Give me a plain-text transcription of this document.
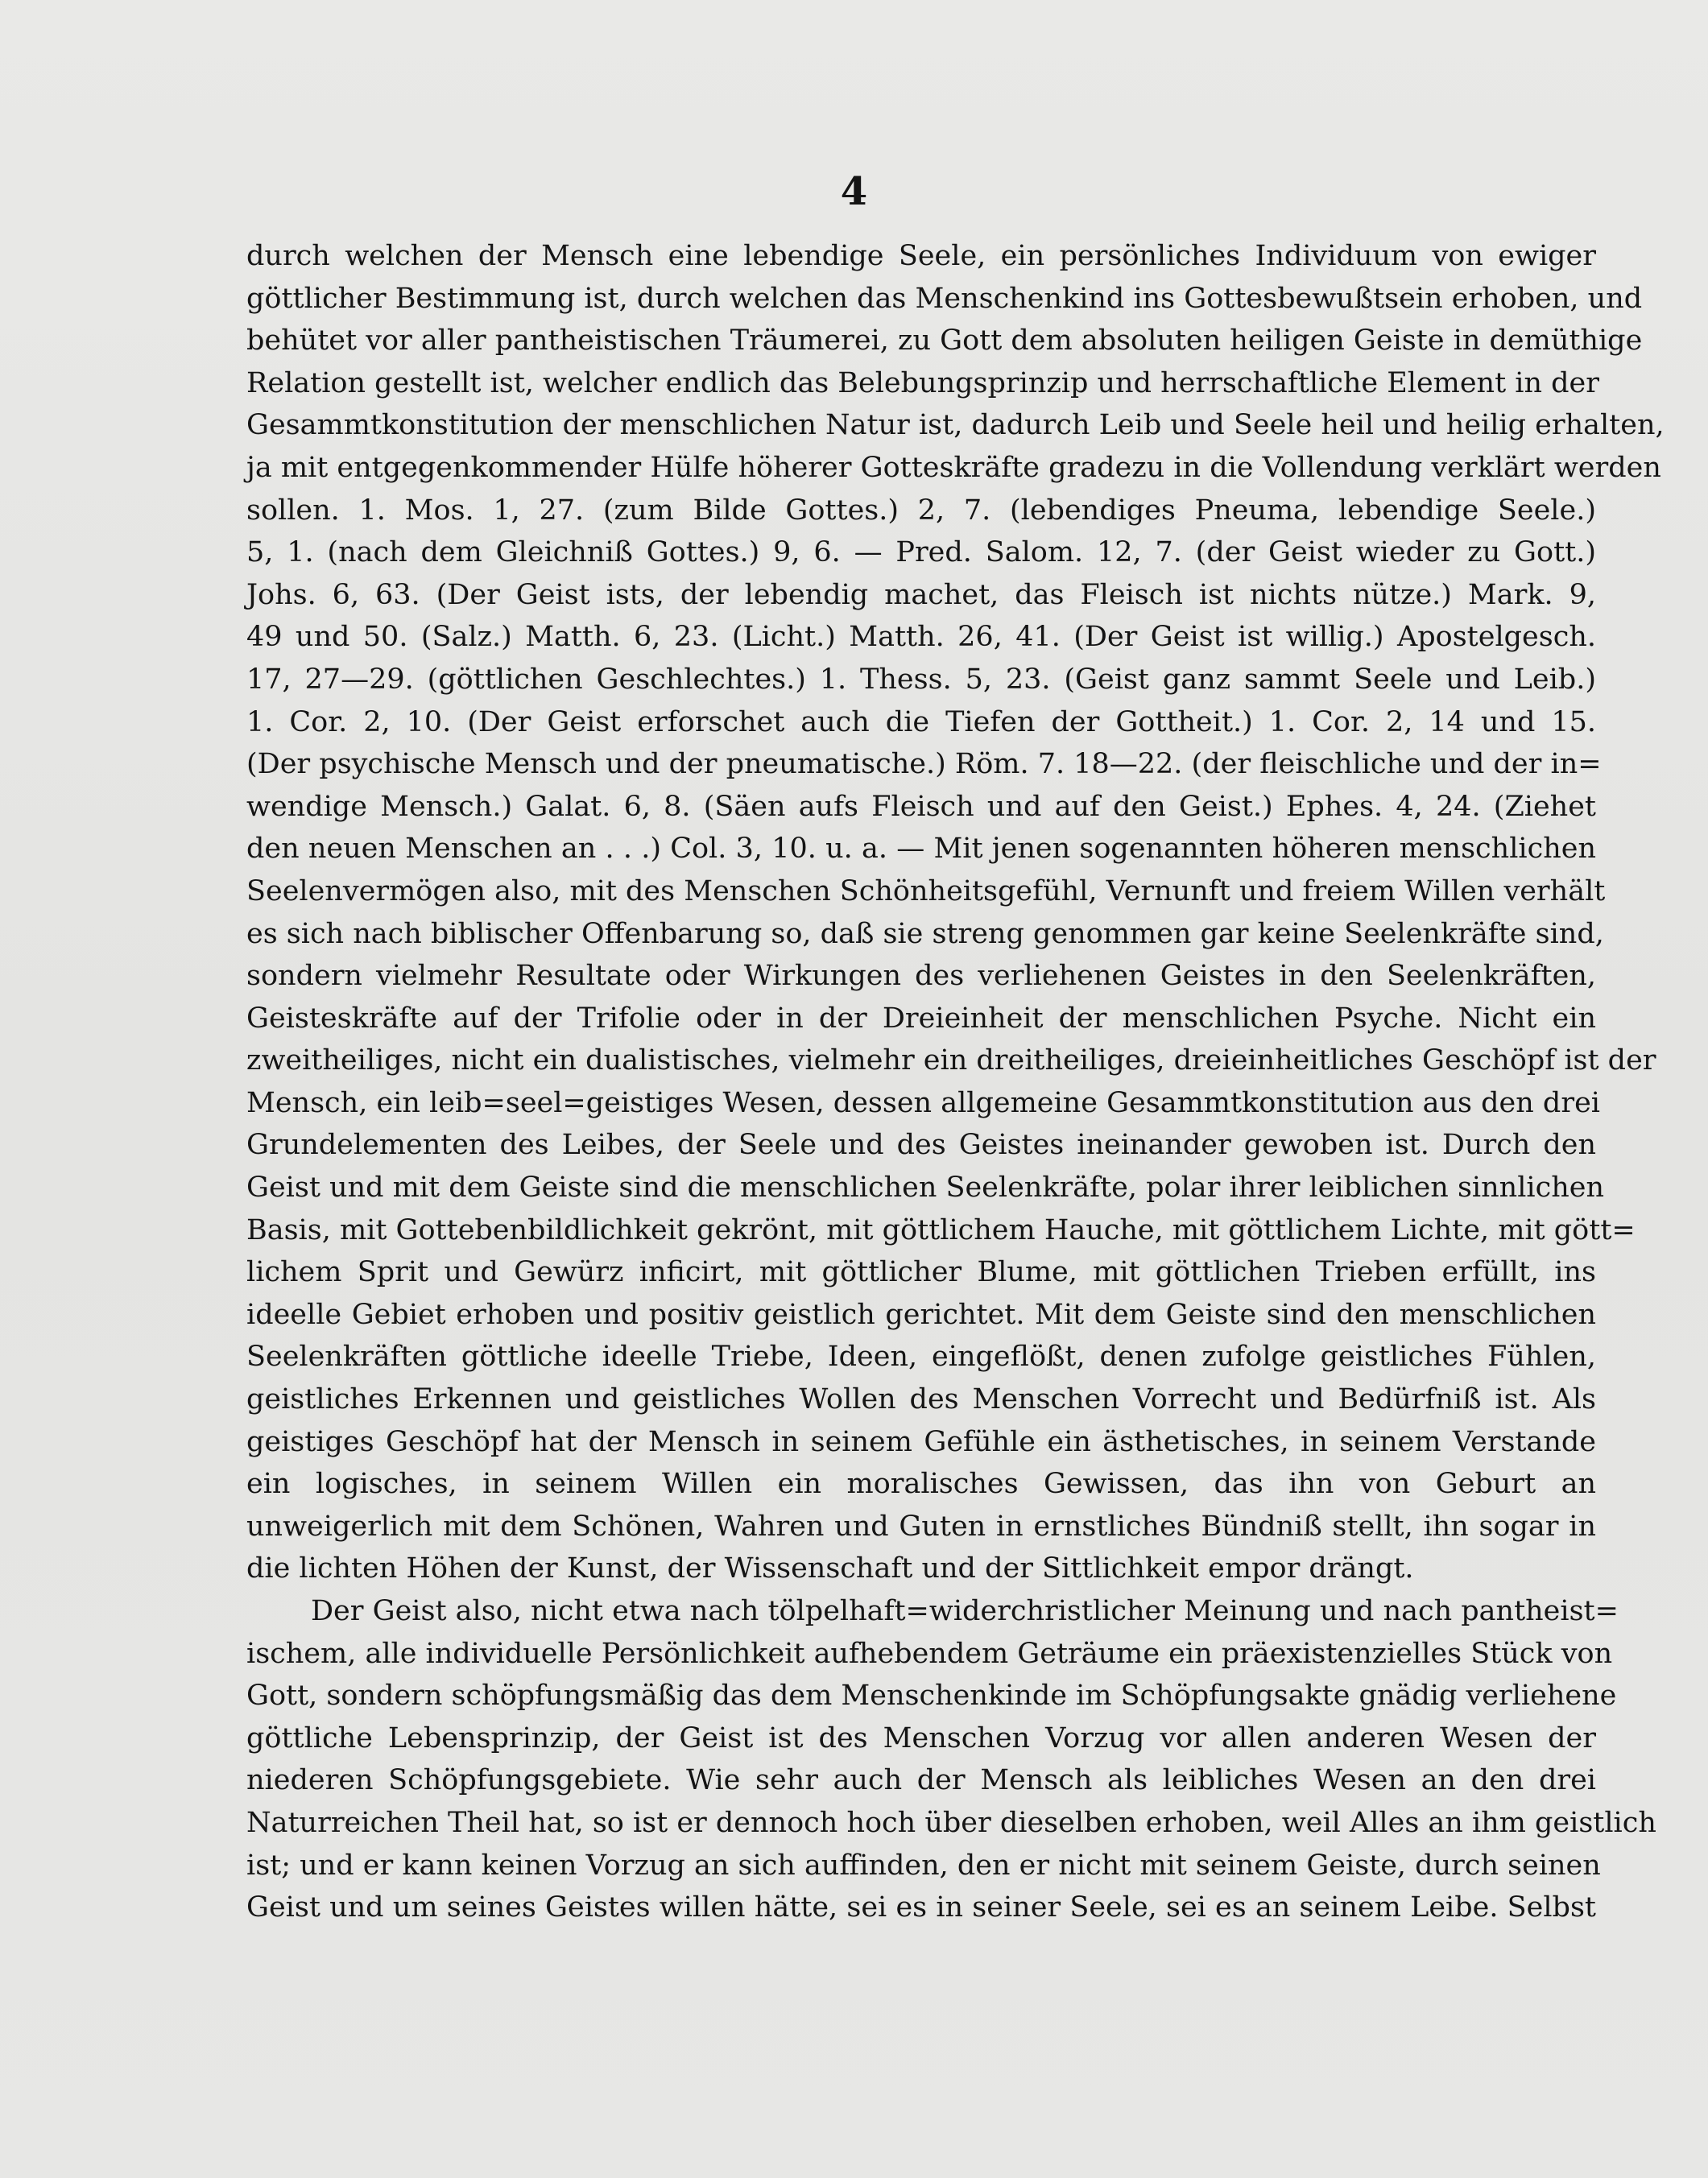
4
durch welchen der Mensch eine lebendige Seele, ein persönliches Individuum von ewiger
göttlicher Bestimmung ist, durch welchen das Menschenkind ins Gottesbewußtsein erhoben, und
behütet vor aller pantheistischen Träumerei, zu Gott dem absoluten heiligen Geiste in demüthige
Relation gestellt ist, welcher endlich das Belebungsprinzip und herrschaftliche Element in der
Gesammtkonstitution der menschlichen Natur ist, dadurch Leib und Seele heil und heilig erhalten,
ja mit entgegenkommender Hülfe höherer Gotteskräfte gradezu in die Vollendung verklärt werden
sollen. 1. Mos. 1, 27. (zum Bilde Gottes.) 2, 7. (lebendiges Pneuma, lebendige Seele.)
5, 1. (nach dem Gleichniß Gottes.) 9, 6. — Pred. Salom. 12, 7. (der Geist wieder zu Gott.)
Johs. 6, 63. (Der Geist ists, der lebendig machet, das Fleisch ist nichts nütze.) Mark. 9,
49 und 50. (Salz.) Matth. 6, 23. (Licht.) Matth. 26, 41. (Der Geist ist willig.) Apostelgesch.
17, 27—29. (göttlichen Geschlechtes.) 1. Thess. 5, 23. (Geist ganz sammt Seele und Leib.)
1. Cor. 2, 10. (Der Geist erforschet auch die Tiefen der Gottheit.) 1. Cor. 2, 14 und 15.
(Der psychische Mensch und der pneumatische.) Röm. 7. 18—22. (der fleischliche und der in=
wendige Mensch.) Galat. 6, 8. (Säen aufs Fleisch und auf den Geist.) Ephes. 4, 24. (Ziehet
den neuen Menschen an . . .) Col. 3, 10. u. a. — Mit jenen sogenannten höheren menschlichen
Seelenvermögen also, mit des Menschen Schönheitsgefühl, Vernunft und freiem Willen verhält
es sich nach biblischer Offenbarung so, daß sie streng genommen gar keine Seelenkräfte sind,
sondern vielmehr Resultate oder Wirkungen des verliehenen Geistes in den Seelenkräften,
Geisteskräfte auf der Trifolie oder in der Dreieinheit der menschlichen Psyche. Nicht ein
zweitheiliges, nicht ein dualistisches, vielmehr ein dreitheiliges, dreieinheitliches Geschöpf ist der
Mensch, ein leib=seel=geistiges Wesen, dessen allgemeine Gesammtkonstitution aus den drei
Grundelementen des Leibes, der Seele und des Geistes ineinander gewoben ist. Durch den
Geist und mit dem Geiste sind die menschlichen Seelenkräfte, polar ihrer leiblichen sinnlichen
Basis, mit Gottebenbildlichkeit gekrönt, mit göttlichem Hauche, mit göttlichem Lichte, mit gött=
lichem Sprit und Gewürz inficirt, mit göttlicher Blume, mit göttlichen Trieben erfüllt, ins
ideelle Gebiet erhoben und positiv geistlich gerichtet. Mit dem Geiste sind den menschlichen
Seelenkräften göttliche ideelle Triebe, Ideen, eingeflößt, denen zufolge geistliches Fühlen,
geistliches Erkennen und geistliches Wollen des Menschen Vorrecht und Bedürfniß ist. Als
geistiges Geschöpf hat der Mensch in seinem Gefühle ein ästhetisches, in seinem Verstande
ein logisches, in seinem Willen ein moralisches Gewissen, das ihn von Geburt an
unweigerlich mit dem Schönen, Wahren und Guten in ernstliches Bündniß stellt, ihn sogar in
die lichten Höhen der Kunst, der Wissenschaft und der Sittlichkeit empor drängt.
Der Geist also, nicht etwa nach tölpelhaft=widerchristlicher Meinung und nach pantheist=
ischem, alle individuelle Persönlichkeit aufhebendem Geträume ein präexistenzielles Stück von
Gott, sondern schöpfungsmäßig das dem Menschenkinde im Schöpfungsakte gnädig verliehene
göttliche Lebensprinzip, der Geist ist des Menschen Vorzug vor allen anderen Wesen der
niederen Schöpfungsgebiete. Wie sehr auch der Mensch als leibliches Wesen an den drei
Naturreichen Theil hat, so ist er dennoch hoch über dieselben erhoben, weil Alles an ihm geistlich
ist; und er kann keinen Vorzug an sich auffinden, den er nicht mit seinem Geiste, durch seinen
Geist und um seines Geistes willen hätte, sei es in seiner Seele, sei es an seinem Leibe. Selbst
